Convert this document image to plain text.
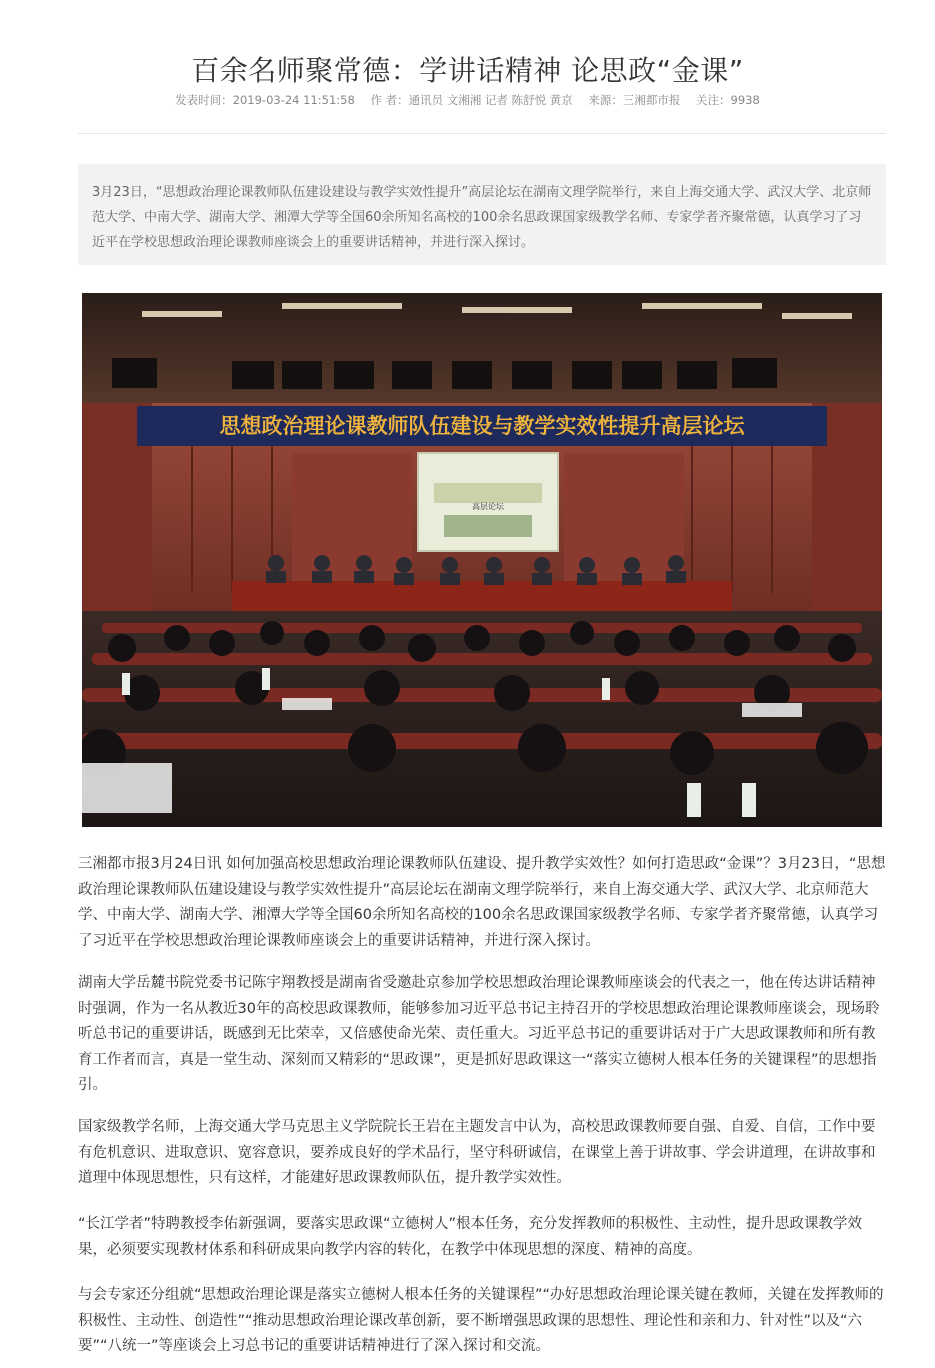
百余名师聚常德：学讲话精神 论思政“金课”
发表时间：2019-03-24 11:51:58 作 者：通讯员 文湘湘 记者 陈舒悦 黄京 来源：三湘都市报 关注：9938
3月23日，“思想政治理论课教师队伍建设建设与教学实效性提升”高层论坛在湖南文理学院举行，来自上海交通大学、武汉大学、北京师范大学、中南大学、湖南大学、湘潭大学等全国60余所知名高校的100余名思政课国家级教学名师、专家学者齐聚常德，认真学习了习近平在学校思想政治理论课教师座谈会上的重要讲话精神，并进行深入探讨。
思想政治理论课教师队伍建设与教学实效性提升高层论坛
高层论坛

三湘都市报3月24日讯 如何加强高校思想政治理论课教师队伍建设、提升教学实效性？如何打造思政“金课”？3月23日，“思想政治理论课教师队伍建设建设与教学实效性提升”高层论坛在湖南文理学院举行，来自上海交通大学、武汉大学、北京师范大学、中南大学、湖南大学、湘潭大学等全国60余所知名高校的100余名思政课国家级教学名师、专家学者齐聚常德，认真学习了习近平在学校思想政治理论课教师座谈会上的重要讲话精神，并进行深入探讨。

湖南大学岳麓书院党委书记陈宇翔教授是湖南省受邀赴京参加学校思想政治理论课教师座谈会的代表之一，他在传达讲话精神时强调，作为一名从教近30年的高校思政课教师，能够参加习近平总书记主持召开的学校思想政治理论课教师座谈会，现场聆听总书记的重要讲话，既感到无比荣幸，又倍感使命光荣、责任重大。习近平总书记的重要讲话对于广大思政课教师和所有教育工作者而言，真是一堂生动、深刻而又精彩的“思政课”，更是抓好思政课这一“落实立德树人根本任务的关键课程”的思想指引。

国家级教学名师，上海交通大学马克思主义学院院长王岩在主题发言中认为，高校思政课教师要自强、自爱、自信，工作中要有危机意识、进取意识、宽容意识，要养成良好的学术品行，坚守科研诚信，在课堂上善于讲故事、学会讲道理，在讲故事和道理中体现思想性，只有这样，才能建好思政课教师队伍，提升教学实效性。

“长江学者”特聘教授李佑新强调，要落实思政课“立德树人”根本任务，充分发挥教师的积极性、主动性，提升思政课教学效果，必须要实现教材体系和科研成果向教学内容的转化，在教学中体现思想的深度、精神的高度。

与会专家还分组就“思想政治理论课是落实立德树人根本任务的关键课程”“办好思想政治理论课关键在教师，关键在发挥教师的积极性、主动性、创造性”“推动思想政治理论课改革创新，要不断增强思政课的思想性、理论性和亲和力、针对性”以及“六要”“八统一”等座谈会上习总书记的重要讲话精神进行了深入探讨和交流。
